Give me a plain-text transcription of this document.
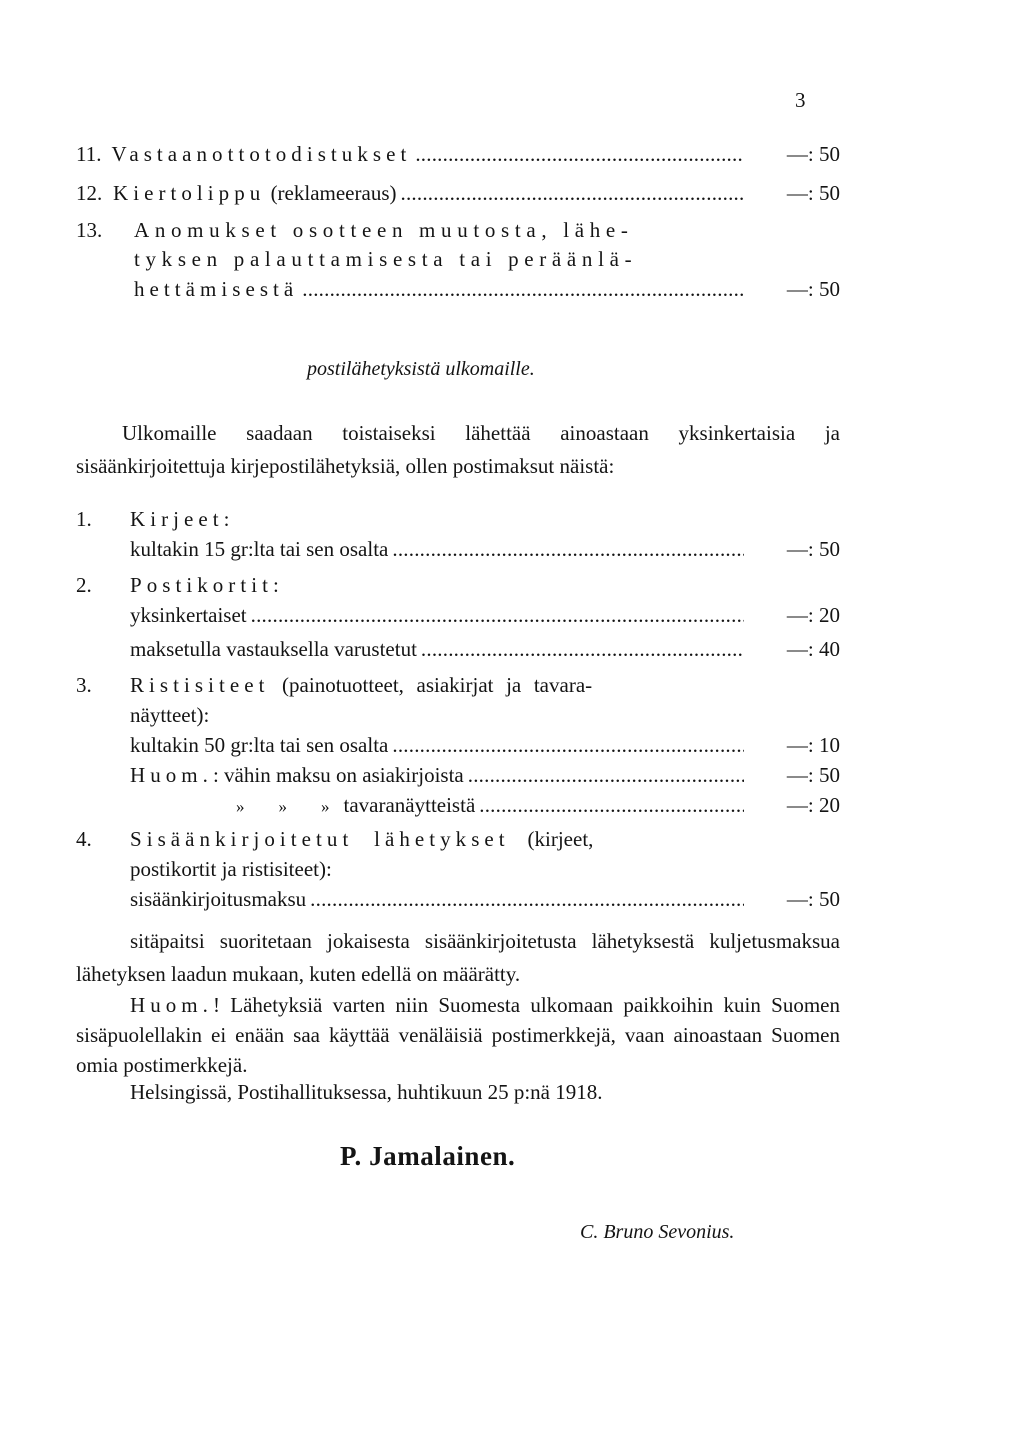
3
11. Vastaanottotodistukset . . .	—: 50
12. Kiertolippu (reklameeraus) . . .	—: 50
13.	Anomukset osotteen muutosta, lähe-
tyksen palauttamisesta tai peräänlä-
hettämisestä . . .	—: 50
postilähetyksistä ulkomaille.
Ulkomaille saadaan toistaiseksi lähettää ainoastaan yksinkertaisia ja sisäänkirjoitettuja kirjepostilähetyksiä, ollen postimaksut näistä:
1. Kirjeet:
kultakin 15 gr:lta tai sen osalta . . .	—: 50
2. Postikortit:
yksinkertaiset . . .	—: 20
maksetulla vastauksella varustetut . . .	—: 40
3. Ristisiteet (painotuotteet, asiakirjat ja tavara-
näytteet):
kultakin 50 gr:lta tai sen osalta . . .	—: 10
Huom. : vähin maksu on asiakirjoista . . .	—: 50
»        »        » tavaranäytteistä . . .	—: 20
4. Sisäänkirjoitetut lähetykset (kirjeet,
postikortit ja ristisiteet):
sisäänkirjoitusmaksu . . .	—: 50
sitäpaitsi suoritetaan jokaisesta sisäänkirjoitetusta lähetyksestä kuljetusmaksua lähetyksen laadun mukaan, kuten edellä on määrätty.
Huom.! Lähetyksiä varten niin Suomesta ulkomaan paikkoihin kuin Suomen sisäpuolellakin ei enään saa käyttää venäläisiä postimerkkejä, vaan ainoastaan Suomen omia postimerkkejä.
Helsingissä, Postihallituksessa, huhtikuun 25 p:nä 1918.
P. Jamalainen.
C. Bruno Sevonius.
